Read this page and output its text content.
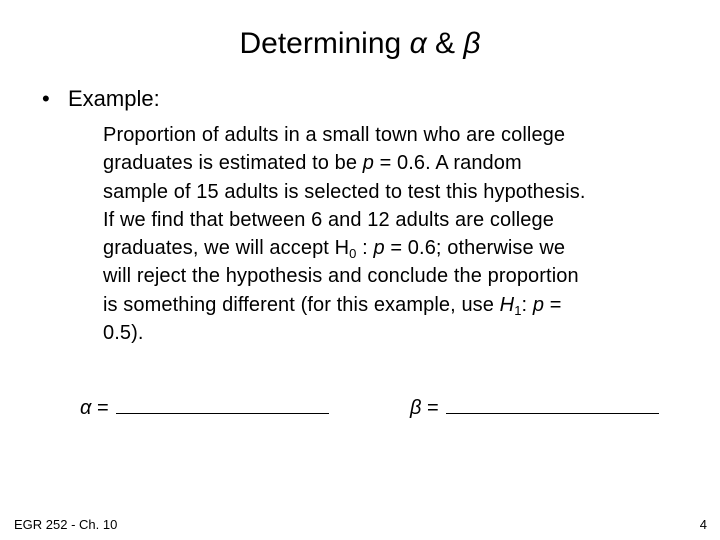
Determining α & β
• Example:
Proportion of adults in a small town who are college
graduates is estimated to be p = 0.6. A random
sample of 15 adults is selected to test this hypothesis.
If we find that between 6 and 12 adults are college
graduates, we will accept $H_0$ : p = 0.6; otherwise we
will reject the hypothesis and conclude the proportion
is something different (for this example, use $H_1$: p =
0.5).
α =	β =
EGR 252 - Ch. 10	4
